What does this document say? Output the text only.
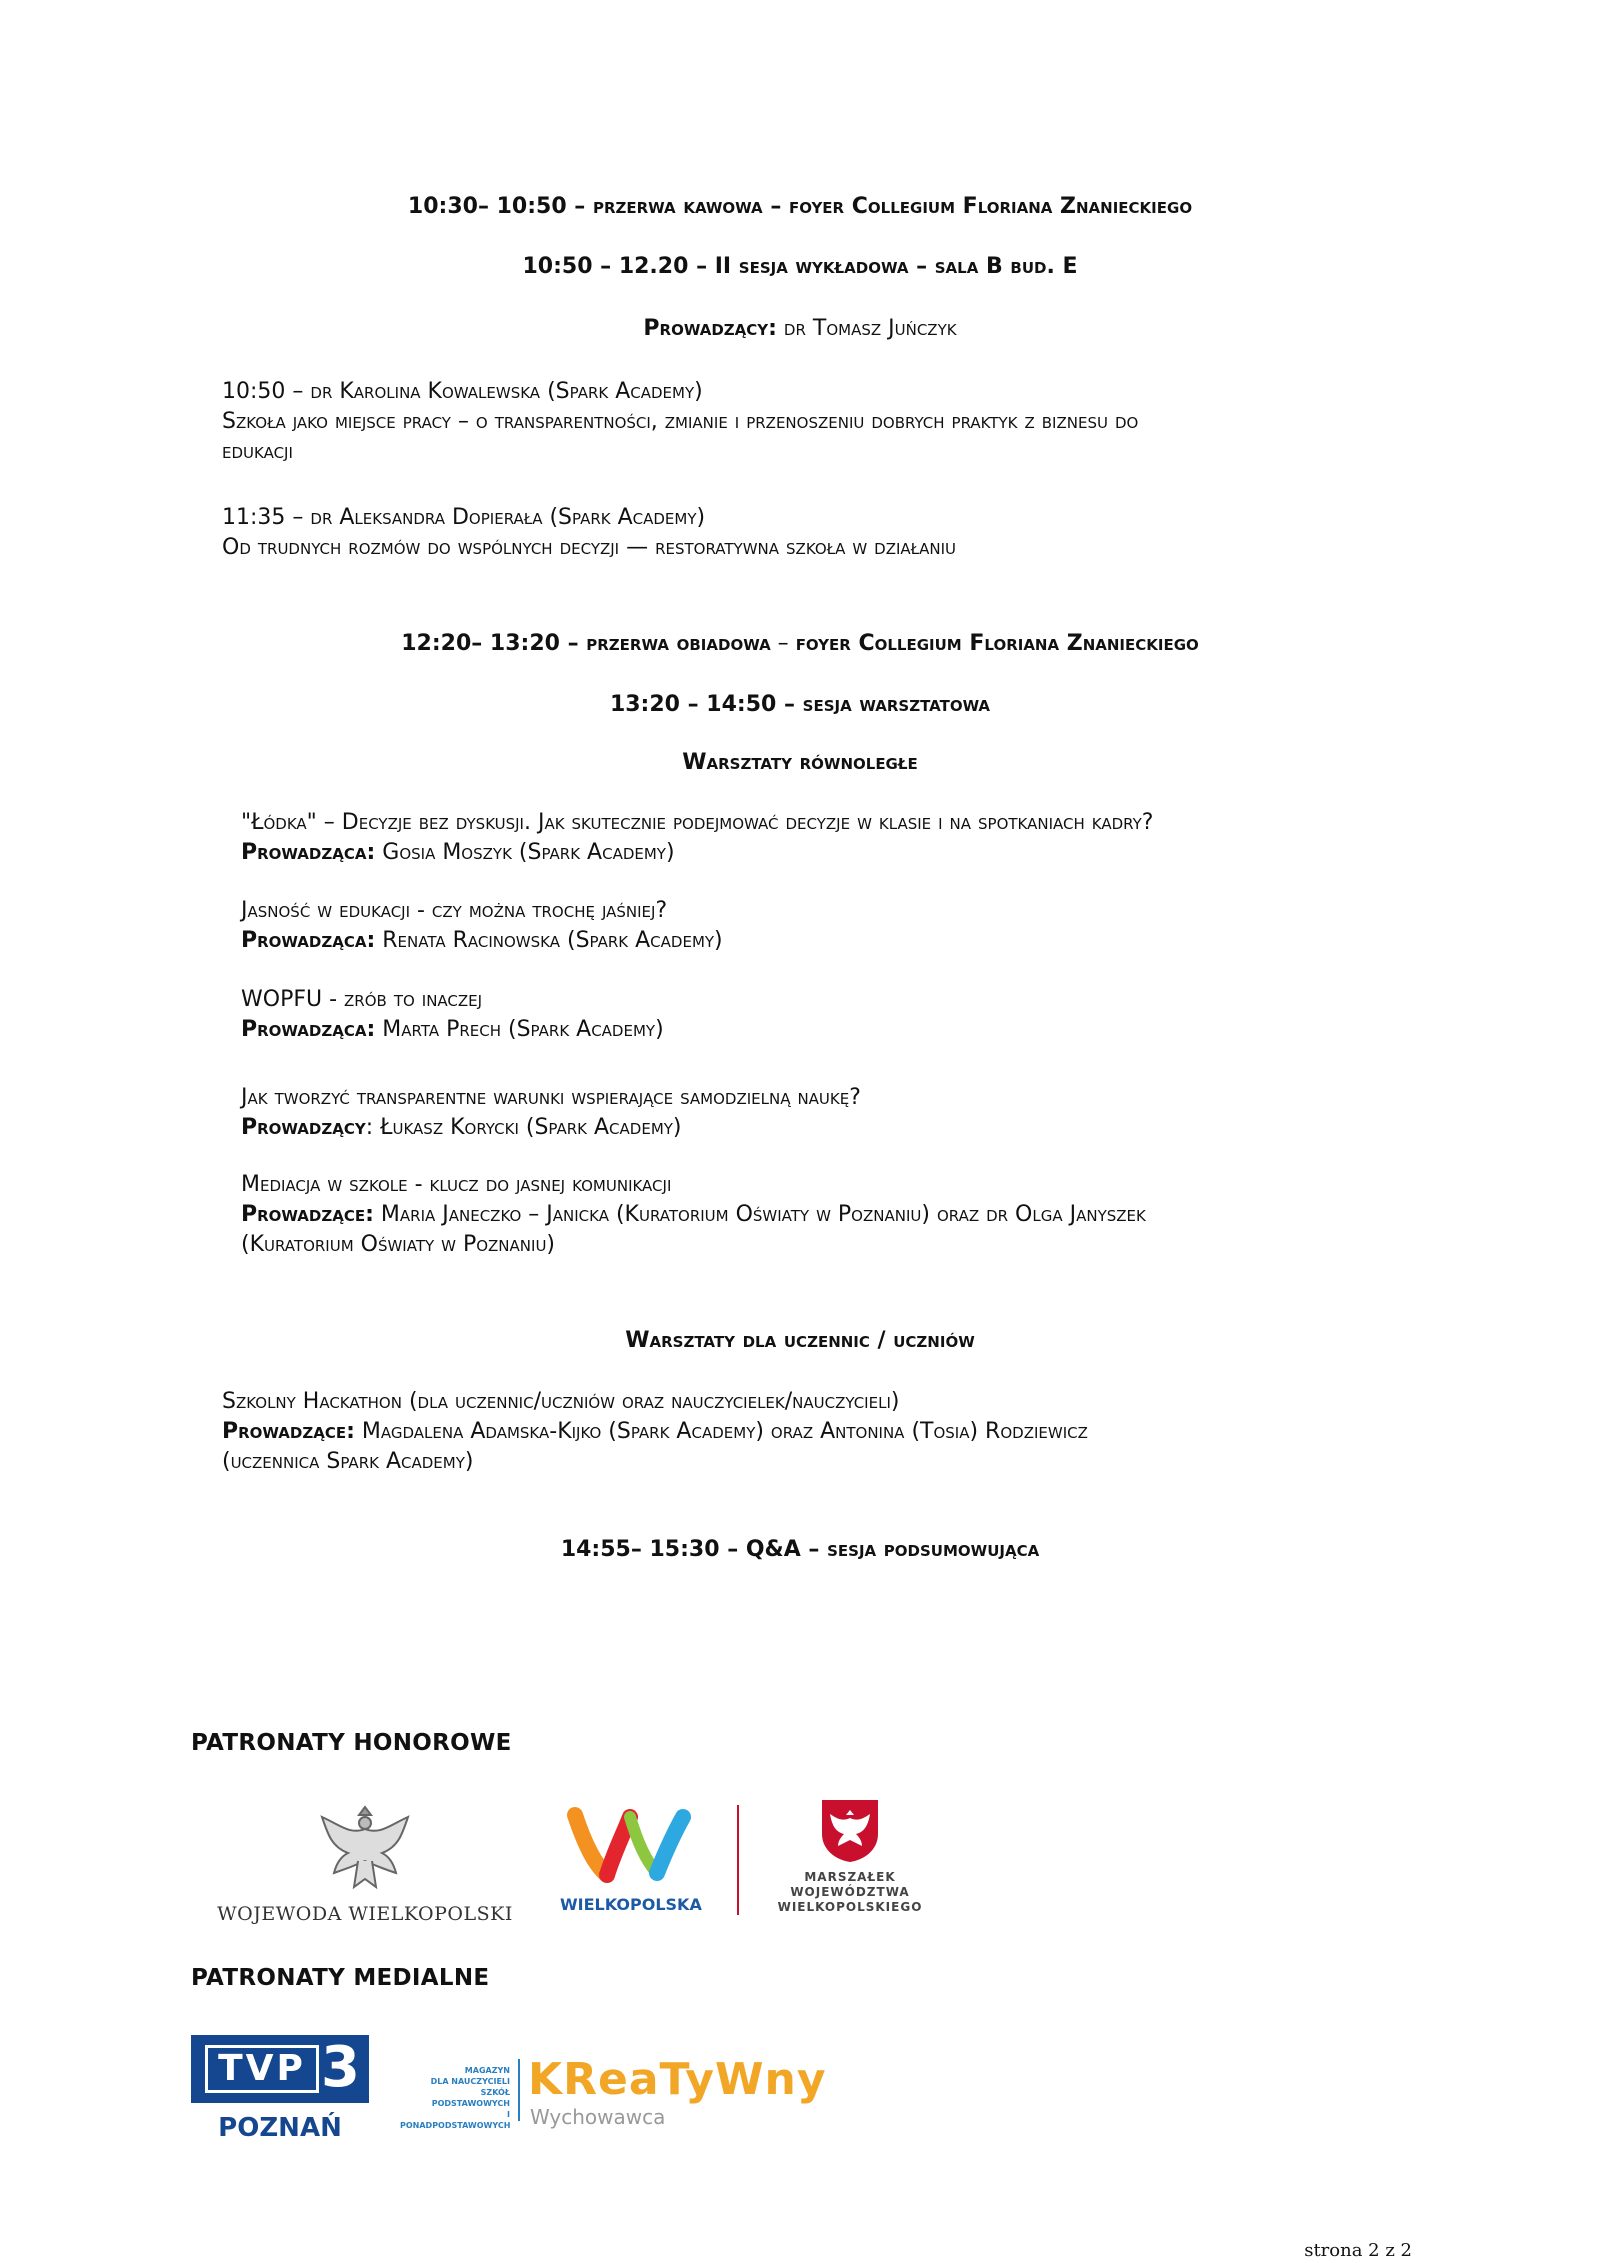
10:30– 10:50 – przerwa kawowa – foyer Collegium Floriana Znanieckiego
10:50 – 12.20 – II sesja wykładowa – sala B bud. E
Prowadzący: dr Tomasz Juńczyk
10:50 – dr Karolina Kowalewska (Spark Academy)
Szkoła jako miejsce pracy – o transparentności, zmianie i przenoszeniu dobrych praktyk z biznesu do
edukacji
11:35 – dr Aleksandra Dopierała (Spark Academy)
Od trudnych rozmów do wspólnych decyzji — restoratywna szkoła w działaniu
12:20– 13:20 – przerwa obiadowa – foyer Collegium Floriana Znanieckiego
13:20 – 14:50 – sesja warsztatowa
Warsztaty równoległe
"Łódka" – Decyzje bez dyskusji. Jak skutecznie podejmować decyzje w klasie i na spotkaniach kadry?
Prowadząca: Gosia Moszyk (Spark Academy)
Jasność w edukacji - czy można trochę jaśniej?
Prowadząca: Renata Racinowska (Spark Academy)
WOPFU - zrób to inaczej
Prowadząca: Marta Prech (Spark Academy)
Jak tworzyć transparentne warunki wspierające samodzielną naukę?
Prowadzący: Łukasz Korycki (Spark Academy)
Mediacja w szkole - klucz do jasnej komunikacji
Prowadzące: Maria Janeczko – Janicka (Kuratorium Oświaty w Poznaniu) oraz dr Olga Janyszek
(Kuratorium Oświaty w Poznaniu)
Warsztaty dla uczennic / uczniów
Szkolny Hackathon (dla uczennic/uczniów oraz nauczycielek/nauczycieli)
Prowadzące: Magdalena Adamska-Kijko (Spark Academy) oraz Antonina (Tosia) Rodziewicz
(uczennica Spark Academy)
14:55– 15:30 – Q&A – sesja podsumowująca
PATRONATY HONOROWE
WOJEWODA WIELKOPOLSKI	WIELKOPOLSKA
MARSZAŁEK
WOJEWÓDZTWA
WIELKOPOLSKIEGO
PATRONATY MEDIALNE
TVP 3
POZNAŃ
MAGAZYN
DLA NAUCZYCIELI
SZKÓŁ PODSTAWOWYCH
I PONADPODSTAWOWYCH
KReaTyWny
Wychowawca
strona 2 z 2
